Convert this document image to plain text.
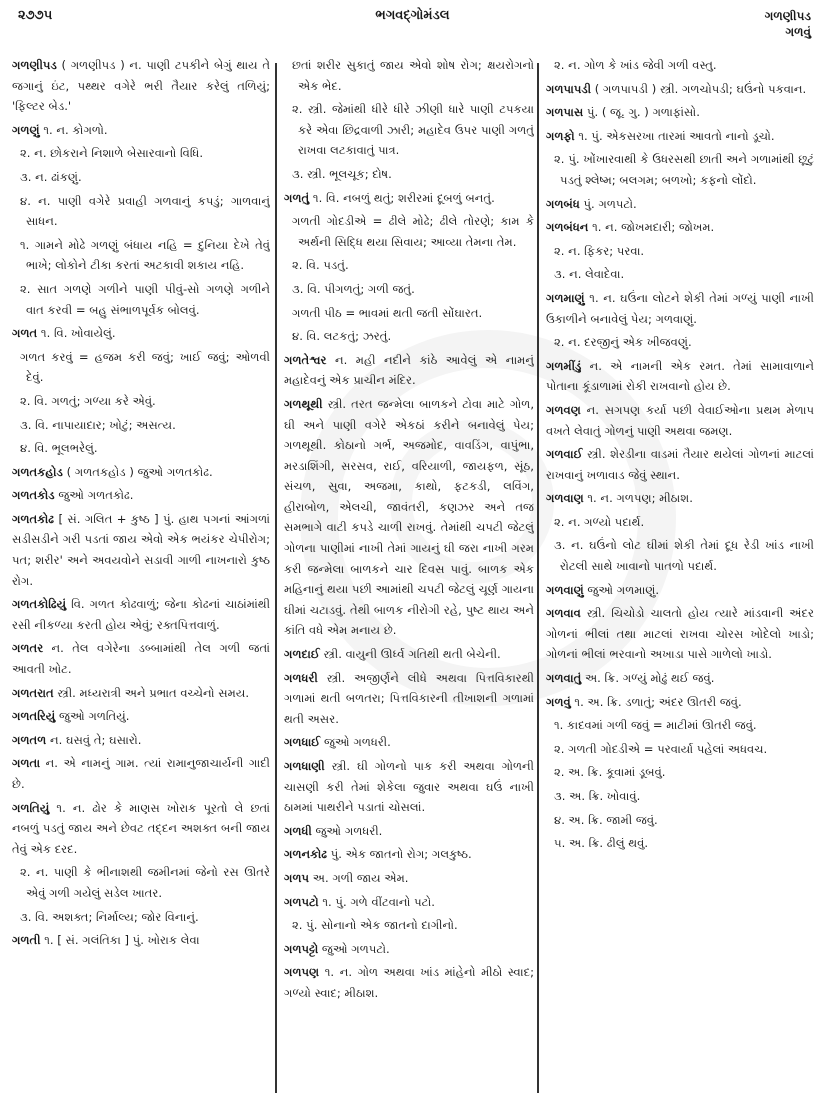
૨૭૭૫	ભગવદ્ગોમંડલ	ગળણીપડ
ગળવું

ગળણીપડ ( ગળણીપડ ) ન. પાણી ટપકીને બેગું થાય તે જગાનું ઇંટ, પથ્થર વગેરે ભરી તૈયાર કરેલું તળિયું; 'ફિલ્ટર બેડ.'

ગળણું ૧. ન. કોગળો.

૨. ન. છોકરાને નિશાળે બેસારવાનો વિધિ.

૩. ન. ઢાંકણું.

૪. ન. પાણી વગેરે પ્રવાહી ગળવાનું કપડું; ગાળવાનું સાધન.

૧. ગામને મોઢે ગળણું બંધાય નહિ = દુનિયા દેખે તેવું ભાખે; લોકોને ટીકા કરતાં અટકાવી શકાય નહિ.

૨. સાત ગળણે ગળીને પાણી પીવું-સો ગળણે ગળીને વાત કરવી = બહુ સંભાળપૂર્વક બોલવું.

ગળત ૧. વિ. ખોવાયેલું.

ગળત કરવું = હજમ કરી જવું; ખાઈ જવું; ઓળવી દેવું.

૨. વિ. ગળતું; ગળ્યા કરે એવું.

૩. વિ. નાપાયાદાર; ખોટું; અસત્ય.

૪. વિ. ભૂલભરેલું.

ગળતકહોડ ( ગળતકહોડ ) જુઓ ગળતકોઢ.

ગળતકોડ જુઓ ગળતકોઢ.

ગળતકોઢ [ સં. ગલિત + કુષ્ઠ ] પું. હાથ પગનાં આંગળાં સડીસડીને ગરી પડતાં જાય એવો એક ભયંકર ચેપીરોગ; પત; શરીર' અને અવયવોને સડાવી ગાળી નાખનારો કુષ્ઠ રોગ.

ગળતકોઢિયું વિ. ગળત કોઢવાળું; જેના કોઢનાં ચાઠાંમાંથી રસી નીકળ્યા કરતી હોય એવું; રક્તપિત્તવાળું.

ગળતર ન. તેલ વગેરેના ડબ્બામાંથી તેલ ગળી જતાં આવતી ખોટ.

ગળતરાત સ્ત્રી. મધ્યરાત્રી અને પ્રભાત વચ્ચેનો સમય.

ગળતરિયું જુઓ ગળતિયું.

ગળતળ ન. ઘસવું તે; ઘસારો.

ગળતા ન. એ નામનું ગામ. ત્યાં રામાનુજાચાર્યની ગાદી છે.

ગળતિયું ૧. ન. ઢોર કે માણસ ખોરાક પૂરતો લે છતાં નબળું પડતું જાય અને છેવટ તદ્દન અશક્ત બની જાય તેવું એક દરદ.

૨. ન. પાણી કે ભીનાશથી જમીનમાં જેનો રસ ઊતરે એવું ગળી ગયેલું સડેલ ખાતર.

૩. વિ. અશક્ત; નિર્માલ્ય; જોર વિનાનું.

ગળતી ૧. [ સં. ગલંતિકા ] પું. ખોરાક લેવા

છતાં શરીર સુકાતું જાય એવો શોષ રોગ; ક્ષયરોગનો એક ભેદ.

૨. સ્ત્રી. જેમાંથી ધીરે ધીરે ઝીણી ધારે પાણી ટપકયા કરે એવા છિદ્રવાળી ઝારી; મહાદેવ ઉપર પાણી ગળતું રાખવા લટકાવાતું પાત્ર.

૩. સ્ત્રી. ભૂલચૂક; દોષ.

ગળતું ૧. વિ. નબળું થતું; શરીરમાં દૂબળું બનતું.

ગળતી ગોદડીએ = ઢીલે મોઢે; ઢીલે તોરણે; કામ કે અર્થની સિદ્ધિ થયા સિવાય; આવ્યા તેમના તેમ.

૨. વિ. પડતું.

૩. વિ. પીગળતું; ગળી જતું.

ગળતી પીઠ = ભાવમાં થતી જતી સોંઘારત.

૪. વિ. લટકતું; ઝરતું.

ગળતેશ્વર ન. મહી નદીને કાંઠે આવેલું એ નામનું મહાદેવનું એક પ્રાચીન મંદિર.

ગળથૂથી સ્ત્રી. તરત જન્મેલા બાળકને ટોવા માટે ગોળ, ઘી અને પાણી વગેરે એકઠાં કરીને બનાવેલું પેય; ગળથૂથી. કોઠાનો ગર્ભ, અજમોદ, વાવડિંગ, વાપુંભા, મરડાશિંગી, સરસવ, રાઈ, વરિયાળી, જાયફળ, સૂંઠ, સંચળ, સુવા, અજમા, કાથો, ફટકડી, લવિંગ, હીરાબોળ, એલચી, જાવંતરી, કણઝર અને તજ સમભાગે વાટી કપડે ચાળી રાખવું. તેમાંથી ચપટી જેટલું ગોળના પાણીમાં નાખી તેમાં ગાયનું ઘી જરા નાખી ગરમ કરી જન્મેલા બાળકને ચાર દિવસ પાવું. બાળક એક મહિનાનું થયા પછી આમાંથી ચપટી જેટલું ચૂર્ણ ગાયના ઘીમાં ચટાડવું. તેથી બાળક નીરોગી રહે, પુષ્ટ થાય અને કાંતિ વધે એમ મનાય છે.

ગળદાઈ સ્ત્રી. વાયુની ઊર્ધ્વ ગતિથી થતી બેચેની.

ગળધરી સ્ત્રી. અજીર્ણને લીધે અથવા પિત્તવિકારથી ગળામાં થતી બળતરા; પિત્તવિકારની તીખાશની ગળામાં થતી અસર.

ગળધાઈ જુઓ ગળધરી.

ગળધાણી સ્ત્રી. ઘી ગોળનો પાક કરી અથવા ગોળની ચાસણી કરી તેમાં શેકેલા જુવાર અથવા ઘઉં નાખી ઠામમાં પાથરીને પડાતાં ચોસલાં.

ગળધી જુઓ ગળધરી.

ગળનકોઢ પું. એક જાતનો રોગ; ગલકુષ્ઠ.

ગળપ અ. ગળી જાય એમ.

ગળપટો ૧. પું. ગળે વીંટવાનો પટો.

૨. પું. સોનાનો એક જાતનો દાગીનો.

ગળપટ્ટો જુઓ ગળપટો.

ગળપણ ૧. ન. ગોળ અથવા ખાંડ માંહેનો મીઠો સ્વાદ; ગળ્યો સ્વાદ; મીઠાશ.

૨. ન. ગોળ કે ખાંડ જેવી ગળી વસ્તુ.

ગળપાપડી ( ગળપાપડી ) સ્ત્રી. ગળચોપડી; ઘઉંનો પકવાન.

ગળપાસ પું. ( જૂ. ગુ. ) ગળાફાંસો.

ગળફો ૧. પું. એકસરખા તારમાં આવતો નાનો ડૂચો.

૨. પું. ખોંખારવાથી કે ઉધરસથી છાતી અને ગળામાંથી છૂટું પડતું શ્લેષ્મ; બલગમ; બળખો; કફનો લોંદો.

ગળબંધ પું. ગળપટો.

ગળબંધન ૧. ન. જોખમદારી; જોખમ.

૨. ન. ફિકર; પરવા.

૩. ન. લેવાદેવા.

ગળમાણું ૧. ન. ઘઉંના લોટને શેકી તેમાં ગળ્યું પાણી નાખી ઉકાળીને બનાવેલું પેય; ગળવાણું.

૨. ન. દરજીનું એક ખીજવણું.

ગળમીંડું ન. એ નામની એક રમત. તેમાં સામાવાળાને પોતાના કૂંડાળામાં રોકી રાખવાનો હોય છે.

ગળવણ ન. સગપણ કર્યા પછી વેવાઈઓના પ્રથમ મેળાપ વખતે લેવાતું ગોળનું પાણી અથવા જમણ.

ગળવાઈ સ્ત્રી. શેરડીના વાડમાં તૈયાર થયેલાં ગોળનાં માટલાં રાખવાનું ખળાવાડ જેવું સ્થાન.

ગળવાણ ૧. ન. ગળપણ; મીઠાશ.

૨. ન. ગળ્યો પદાર્થ.

૩. ન. ઘઉંનો લોટ ઘીમાં શેકી તેમાં દૂધ રેડી ખાંડ નાખી રોટલી સાથે ખાવાનો પાતળો પદાર્થ.

ગળવાણું જુઓ ગળમાણું.

ગળવાવ સ્ત્રી. ચિચોડો ચાલતો હોય ત્યારે માંડવાની અંદર ગોળનાં ભીલાં તથા માટલાં રાખવા ચોરસ ખોદેલો ખાડો; ગોળનાં ભીલાં ભરવાનો અખાડા પાસે ગાળેલો ખાડો.

ગળવાતું અ. ક્રિ. ગળ્યું મોઢું થઈ જવું.

ગળવું ૧. અ. ક્રિ. ડળાતું; અંદર ઊતરી જવું.

૧. કાદવમાં ગળી જવું = માટીમાં ઊતરી જવું.

૨. ગળતી ગોદડીએ = પરવાર્યા પહેલાં અધવચ.

૨. અ. ક્રિ. કૂવામાં ડૂબવું.

૩. અ. ક્રિ. ખોવાવું.

૪. અ. ક્રિ. જામી જવું.

૫. અ. ક્રિ. ઢીલું થવું.
